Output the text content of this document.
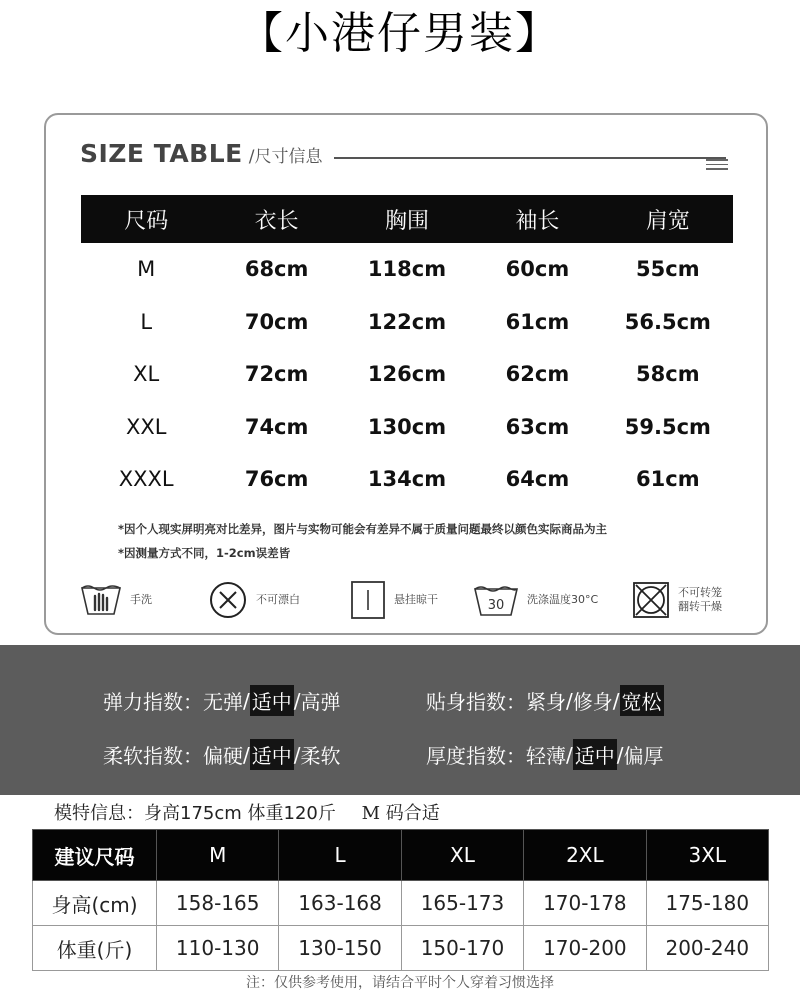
【小港仔男装】
SIZE TABLE /尺寸信息
尺码	衣长	胸围	袖长	肩宽
M	68cm	118cm	60cm	55cm
L	70cm	122cm	61cm	56.5cm
XL	72cm	126cm	62cm	58cm
XXL	74cm	130cm	63cm	59.5cm
XXXL	76cm	134cm	64cm	61cm
*因个人现实屏明亮对比差异，图片与实物可能会有差异不属于质量问题最终以颜色实际商品为主
*因测量方式不同，1-2cm误差皆
手洗	不可漂白	悬挂晾干	30 洗涤温度30°C
不可转笼
翻转干燥
弹力指数： 无弹 / 适中 / 高弹	贴身指数： 紧身 / 修身 / 宽松
柔软指数： 偏硬 / 适中 / 柔软	厚度指数： 轻薄 / 适中 / 偏厚
模特信息：身高175cm 体重120斤 M 码合适
建议尺码	M	L	XL	2XL	3XL
身高(cm)	158-165	163-168	165-173	170-178	175-180
体重(斤)	110-130	130-150	150-170	170-200	200-240
注：仅供参考使用，请结合平时个人穿着习惯选择
